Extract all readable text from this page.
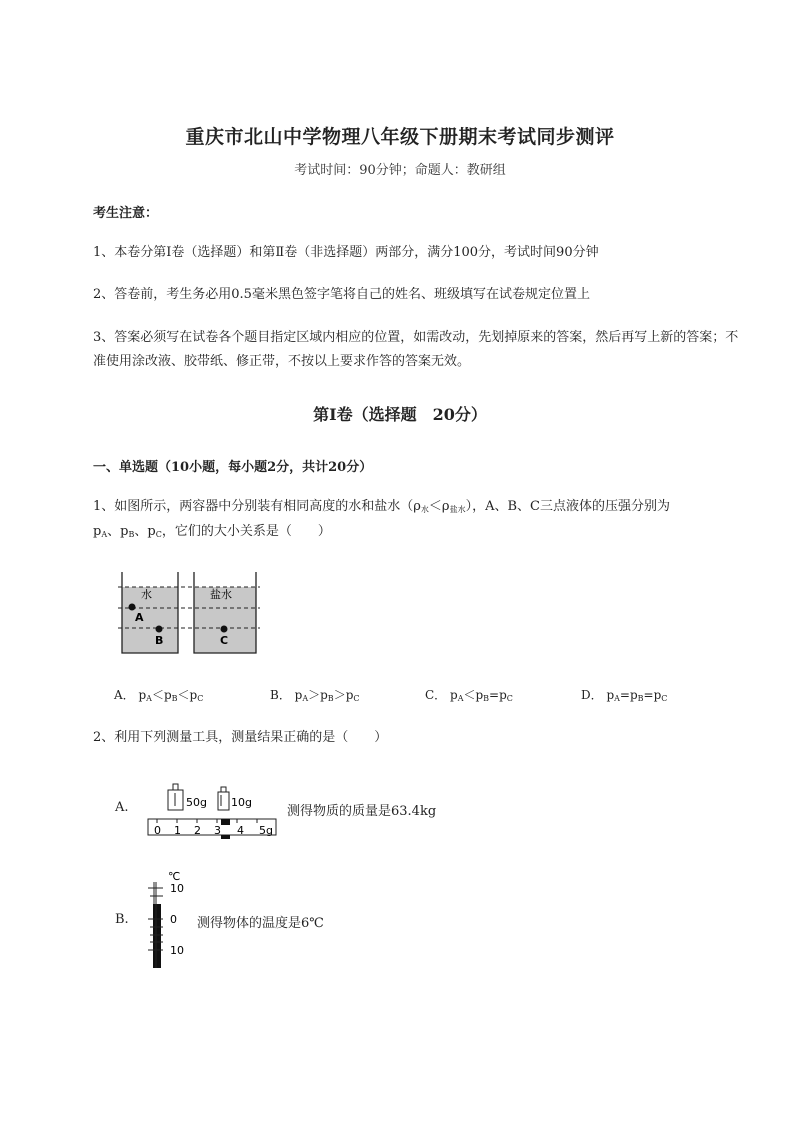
重庆市北山中学物理八年级下册期末考试同步测评
考试时间：90分钟；命题人：教研组
考生注意：
1、本卷分第I卷（选择题）和第Ⅱ卷（非选择题）两部分，满分100分，考试时间90分钟
2、答卷前，考生务必用0.5毫米黑色签字笔将自己的姓名、班级填写在试卷规定位置上
3、答案必须写在试卷各个题目指定区域内相应的位置，如需改动，先划掉原来的答案，然后再写上新的答案；不准使用涂改液、胶带纸、修正带，不按以上要求作答的答案无效。
第I卷（选择题　20分）
一、单选题（10小题，每小题2分，共计20分）
1、如图所示，两容器中分别装有相同高度的水和盐水$(\rho_水<\rho_{盐水})$，A、B、C三点液体的压强分别为
$p_A$、$p_B$、$p_C$，它们的大小关系是（　　）
水	盐水
A
B	C
A． $p_A<p_B<p_C$	B． $p_A>p_B>p_C$	C． $p_A<p_B=p_C$	D． $p_A=p_B=p_C$
2、利用下列测量工具，测量结果正确的是（　　）
A.	50g 10g
0 1 2 3 4 5g
测得物质的质量是63.4kg
B.
℃
10
0
10
测得物体的温度是6℃
